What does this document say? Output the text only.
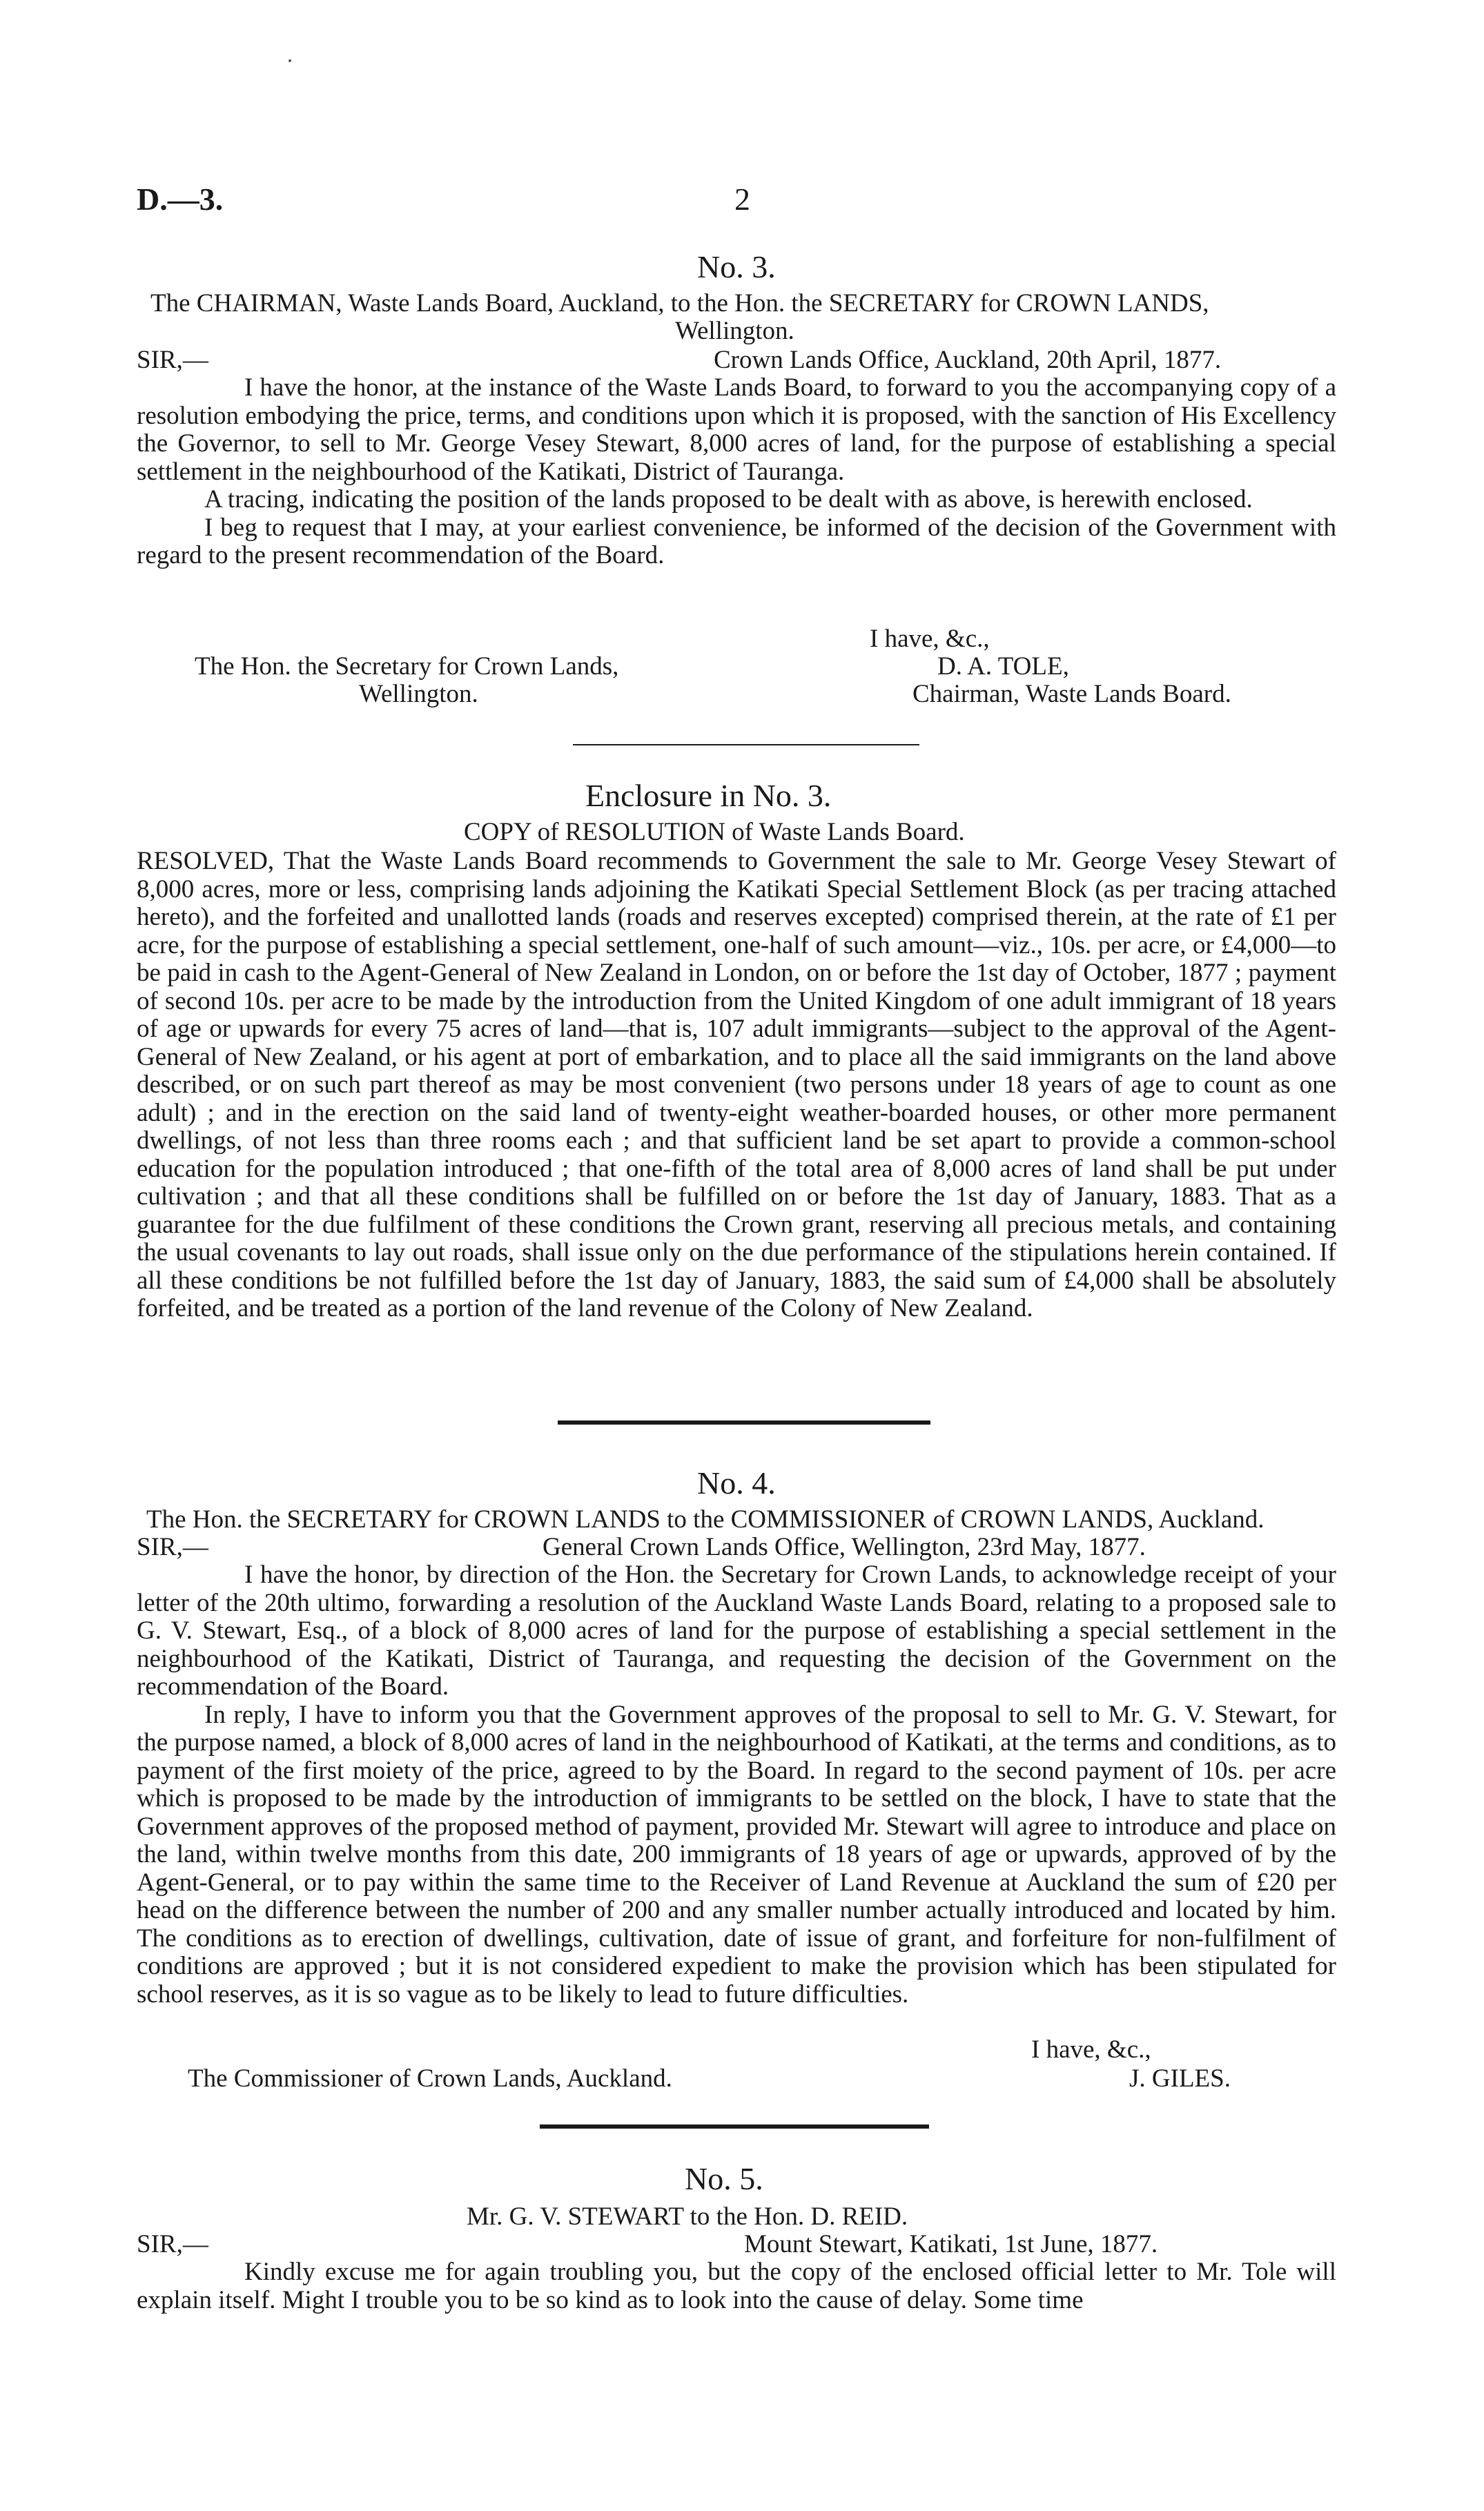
D.—3.	2
No. 3.
The CHAIRMAN, Waste Lands Board, Auckland, to the Hon. the SECRETARY for CROWN LANDS,
Wellington.
SIR,—	Crown Lands Office, Auckland, 20th April, 1877.

I have the honor, at the instance of the Waste Lands Board, to forward to you the accompanying copy of a resolution embodying the price, terms, and conditions upon which it is proposed, with the sanction of His Excellency the Governor, to sell to Mr. George Vesey Stewart, 8,000 acres of land, for the purpose of establishing a special settlement in the neighbourhood of the Katikati, District of Tauranga.

A tracing, indicating the position of the lands proposed to be dealt with as above, is herewith enclosed.

I beg to request that I may, at your earliest convenience, be informed of the decision of the Government with regard to the present recommendation of the Board.

I have, &c.,
The Hon. the Secretary for Crown Lands,	D. A. TOLE,
Wellington.	Chairman, Waste Lands Board.
Enclosure in No. 3.
COPY of RESOLUTION of Waste Lands Board.

RESOLVED, That the Waste Lands Board recommends to Government the sale to Mr. George Vesey Stewart of 8,000 acres, more or less, comprising lands adjoining the Katikati Special Settlement Block (as per tracing attached hereto), and the forfeited and unallotted lands (roads and reserves excepted) comprised therein, at the rate of £1 per acre, for the purpose of establishing a special settlement, one-half of such amount—viz., 10s. per acre, or £4,000—to be paid in cash to the Agent-General of New Zealand in London, on or before the 1st day of October, 1877 ; payment of second 10s. per acre to be made by the introduction from the United Kingdom of one adult immigrant of 18 years of age or upwards for every 75 acres of land—that is, 107 adult immigrants—subject to the approval of the Agent-General of New Zealand, or his agent at port of embarkation, and to place all the said immigrants on the land above described, or on such part thereof as may be most convenient (two persons under 18 years of age to count as one adult) ; and in the erection on the said land of twenty-eight weather-boarded houses, or other more permanent dwellings, of not less than three rooms each ; and that sufficient land be set apart to provide a common-school education for the population introduced ; that one-fifth of the total area of 8,000 acres of land shall be put under cultivation ; and that all these conditions shall be fulfilled on or before the 1st day of January, 1883. That as a guarantee for the due fulfilment of these conditions the Crown grant, reserving all precious metals, and containing the usual covenants to lay out roads, shall issue only on the due performance of the stipulations herein contained. If all these conditions be not fulfilled before the 1st day of January, 1883, the said sum of £4,000 shall be absolutely forfeited, and be treated as a portion of the land revenue of the Colony of New Zealand.

No. 4.
The Hon. the SECRETARY for CROWN LANDS to the COMMISSIONER of CROWN LANDS, Auckland.
SIR,—	General Crown Lands Office, Wellington, 23rd May, 1877.

I have the honor, by direction of the Hon. the Secretary for Crown Lands, to acknowledge receipt of your letter of the 20th ultimo, forwarding a resolution of the Auckland Waste Lands Board, relating to a proposed sale to G. V. Stewart, Esq., of a block of 8,000 acres of land for the purpose of establishing a special settlement in the neighbourhood of the Katikati, District of Tauranga, and requesting the decision of the Government on the recommendation of the Board.

In reply, I have to inform you that the Government approves of the proposal to sell to Mr. G. V. Stewart, for the purpose named, a block of 8,000 acres of land in the neighbourhood of Katikati, at the terms and conditions, as to payment of the first moiety of the price, agreed to by the Board. In regard to the second payment of 10s. per acre which is proposed to be made by the introduction of immigrants to be settled on the block, I have to state that the Government approves of the proposed method of payment, provided Mr. Stewart will agree to introduce and place on the land, within twelve months from this date, 200 immigrants of 18 years of age or upwards, approved of by the Agent-General, or to pay within the same time to the Receiver of Land Revenue at Auckland the sum of £20 per head on the difference between the number of 200 and any smaller number actually introduced and located by him. The conditions as to erection of dwellings, cultivation, date of issue of grant, and forfeiture for non-fulfilment of conditions are approved ; but it is not considered expedient to make the provision which has been stipulated for school reserves, as it is so vague as to be likely to lead to future difficulties.

I have, &c.,
The Commissioner of Crown Lands, Auckland.	J. GILES.
No. 5.
Mr. G. V. STEWART to the Hon. D. REID.
SIR,—	Mount Stewart, Katikati, 1st June, 1877.

Kindly excuse me for again troubling you, but the copy of the enclosed official letter to Mr. Tole will explain itself. Might I trouble you to be so kind as to look into the cause of delay. Some time
